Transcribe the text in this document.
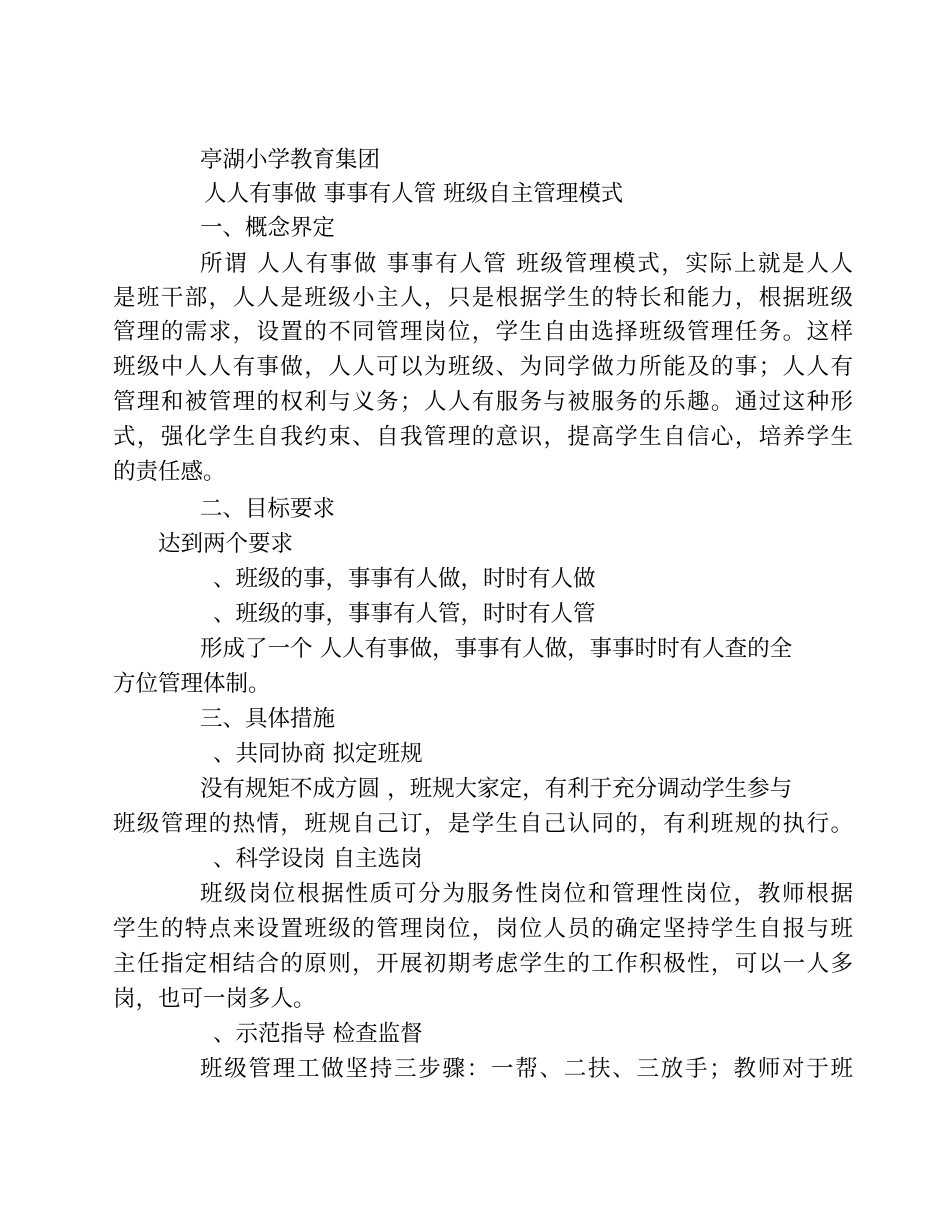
亭湖小学教育集团

人人有事做 事事有人管 班级自主管理模式

一、概念界定

所谓 人人有事做 事事有人管 班级管理模式，实际上就是人人

是班干部，人人是班级小主人，只是根据学生的特长和能力，根据班级

管理的需求，设置的不同管理岗位，学生自由选择班级管理任务。这样

班级中人人有事做，人人可以为班级、为同学做力所能及的事；人人有

管理和被管理的权利与义务；人人有服务与被服务的乐趣。通过这种形

式，强化学生自我约束、自我管理的意识，提高学生自信心，培养学生

的责任感。

二、目标要求

达到两个要求

、班级的事，事事有人做，时时有人做

、班级的事，事事有人管，时时有人管

形成了一个 人人有事做，事事有人做，事事时时有人查的全

方位管理体制。

三、具体措施

、共同协商 拟定班规

没有规矩不成方圆 ，班规大家定，有利于充分调动学生参与

班级管理的热情，班规自己订，是学生自己认同的，有利班规的执行。

、科学设岗 自主选岗

班级岗位根据性质可分为服务性岗位和管理性岗位，教师根据

学生的特点来设置班级的管理岗位，岗位人员的确定坚持学生自报与班

主任指定相结合的原则，开展初期考虑学生的工作积极性，可以一人多

岗，也可一岗多人。

、示范指导 检查监督

班级管理工做坚持三步骤：一帮、二扶、三放手；教师对于班
